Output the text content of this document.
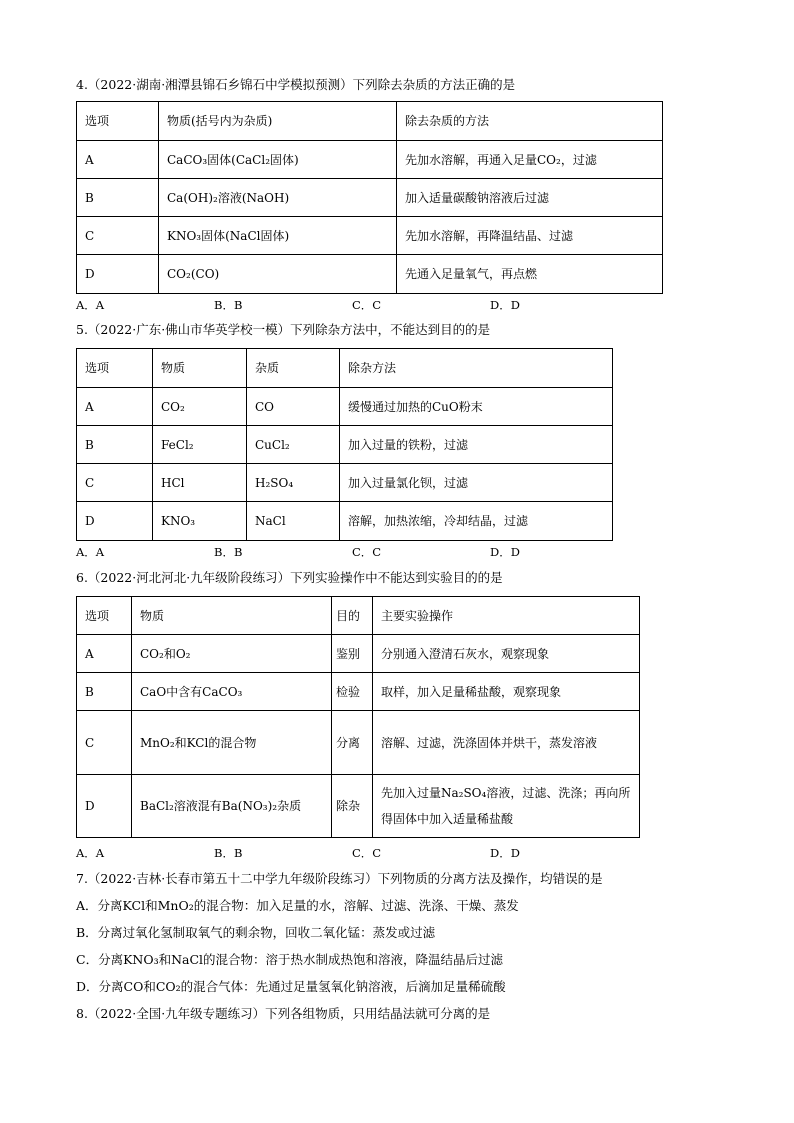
4.（2022·湖南·湘潭县锦石乡锦石中学模拟预测）下列除去杂质的方法正确的是
选项	物质(括号内为杂质)	除去杂质的方法
A	CaCO₃固体(CaCl₂固体)	先加水溶解，再通入足量CO₂，过滤
B	Ca(OH)₂溶液(NaOH)	加入适量碳酸钠溶液后过滤
C	KNO₃固体(NaCl固体)	先加水溶解，再降温结晶、过滤
D	CO₂(CO)	先通入足量氧气，再点燃
A．A	B．B	C．C	D．D
5.（2022·广东·佛山市华英学校一模）下列除杂方法中，不能达到目的的是
选项	物质	杂质	除杂方法
A	CO₂	CO	缓慢通过加热的CuO粉末
B	FeCl₂	CuCl₂	加入过量的铁粉，过滤
C	HCl	H₂SO₄	加入过量氯化钡，过滤
D	KNO₃	NaCl	溶解，加热浓缩，冷却结晶，过滤
A．A	B．B	C．C	D．D
6.（2022·河北河北·九年级阶段练习）下列实验操作中不能达到实验目的的是
选项	物质	目的	主要实验操作
A	CO₂和O₂	鉴别	分别通入澄清石灰水，观察现象
B	CaO中含有CaCO₃	检验	取样，加入足量稀盐酸，观察现象
C	MnO₂和KCl的混合物	分离	溶解、过滤，洗涤固体并烘干，蒸发溶液
D	BaCl₂溶液混有Ba(NO₃)₂杂质	除杂	先加入过量Na₂SO₄溶液，过滤、洗涤；再向所得固体中加入适量稀盐酸
A．A	B．B	C．C	D．D
7.（2022·吉林·长春市第五十二中学九年级阶段练习）下列物质的分离方法及操作，均错误的是
A．分离KCl和MnO₂的混合物：加入足量的水，溶解、过滤、洗涤、干燥、蒸发
B．分离过氧化氢制取氧气的剩余物，回收二氧化锰：蒸发或过滤
C．分离KNO₃和NaCl的混合物：溶于热水制成热饱和溶液，降温结晶后过滤
D．分离CO和CO₂的混合气体：先通过足量氢氧化钠溶液，后滴加足量稀硫酸
8.（2022·全国·九年级专题练习）下列各组物质，只用结晶法就可分离的是
